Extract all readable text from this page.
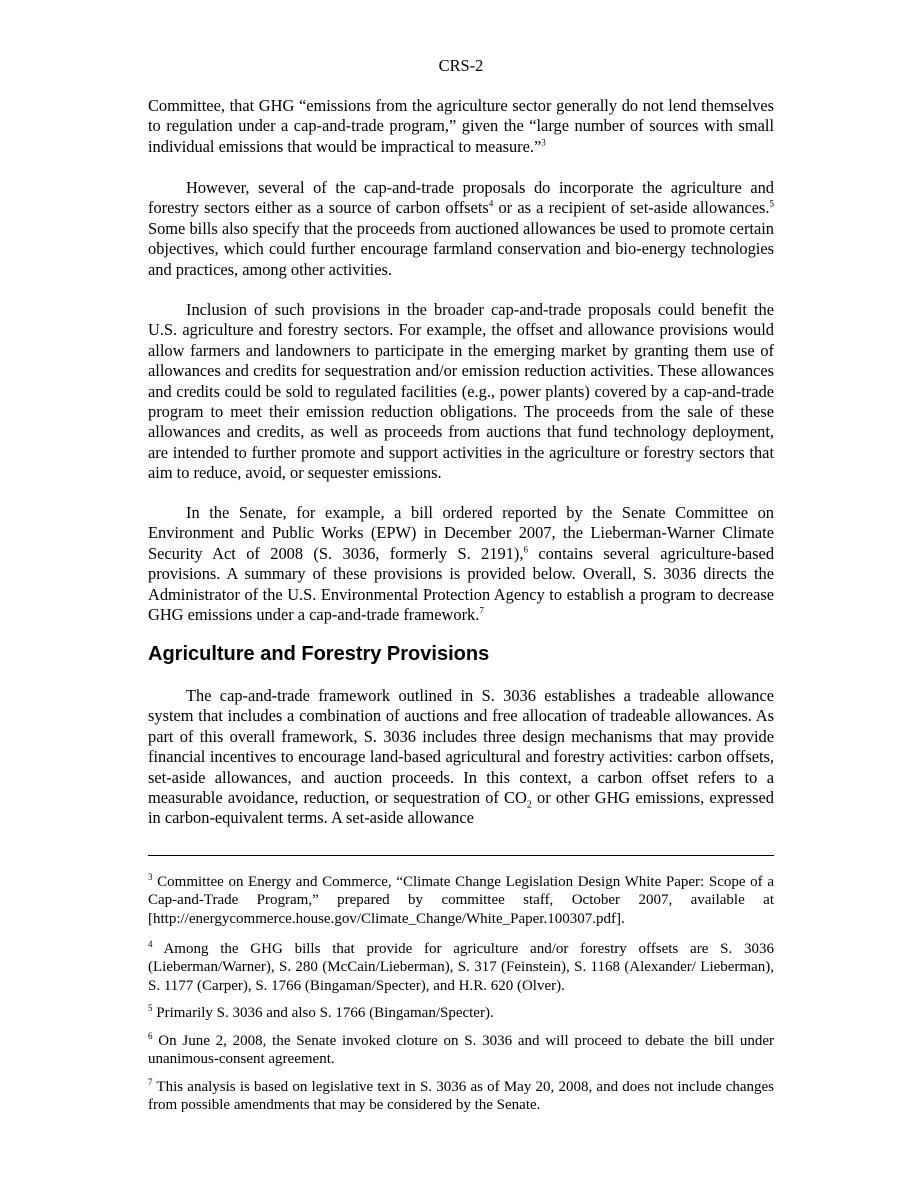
CRS-2

Committee, that GHG “emissions from the agriculture sector generally do not lend themselves to regulation under a cap-and-trade program,” given the “large number of sources with small individual emissions that would be impractical to measure.”$^3$

However, several of the cap-and-trade proposals do incorporate the agriculture and forestry sectors either as a source of carbon offsets$^4$ or as a recipient of set-aside allowances.$^5$ Some bills also specify that the proceeds from auctioned allowances be used to promote certain objectives, which could further encourage farmland conservation and bio-energy technologies and practices, among other activities.

Inclusion of such provisions in the broader cap-and-trade proposals could benefit the U.S. agriculture and forestry sectors. For example, the offset and allowance provisions would allow farmers and landowners to participate in the emerging market by granting them use of allowances and credits for sequestration and/or emission reduction activities. These allowances and credits could be sold to regulated facilities (e.g., power plants) covered by a cap-and-trade program to meet their emission reduction obligations. The proceeds from the sale of these allowances and credits, as well as proceeds from auctions that fund technology deployment, are intended to further promote and support activities in the agriculture or forestry sectors that aim to reduce, avoid, or sequester emissions.

In the Senate, for example, a bill ordered reported by the Senate Committee on Environment and Public Works (EPW) in December 2007, the Lieberman-Warner Climate Security Act of 2008 (S. 3036, formerly S. 2191),$^6$ contains several agriculture-based provisions. A summary of these provisions is provided below. Overall, S. 3036 directs the Administrator of the U.S. Environmental Protection Agency to establish a program to decrease GHG emissions under a cap-and-trade framework.$^7$

Agriculture and Forestry Provisions

The cap-and-trade framework outlined in S. 3036 establishes a tradeable allowance system that includes a combination of auctions and free allocation of tradeable allowances. As part of this overall framework, S. 3036 includes three design mechanisms that may provide financial incentives to encourage land-based agricultural and forestry activities: carbon offsets, set-aside allowances, and auction proceeds. In this context, a carbon offset refers to a measurable avoidance, reduction, or sequestration of $CO_2$ or other GHG emissions, expressed in carbon-equivalent terms. A set-aside allowance

$^3$ Committee on Energy and Commerce, “Climate Change Legislation Design White Paper: Scope of a Cap-and-Trade Program,” prepared by committee staff, October 2007, available at [http://energycommerce.house.gov/Climate_Change/White_Paper.100307.pdf].

$^4$ Among the GHG bills that provide for agriculture and/or forestry offsets are S. 3036 (Lieberman/Warner), S. 280 (McCain/Lieberman), S. 317 (Feinstein), S. 1168 (Alexander/ Lieberman), S. 1177 (Carper), S. 1766 (Bingaman/Specter), and H.R. 620 (Olver).

$^5$ Primarily S. 3036 and also S. 1766 (Bingaman/Specter).

$^6$ On June 2, 2008, the Senate invoked cloture on S. 3036 and will proceed to debate the bill under unanimous-consent agreement.

$^7$ This analysis is based on legislative text in S. 3036 as of May 20, 2008, and does not include changes from possible amendments that may be considered by the Senate.
